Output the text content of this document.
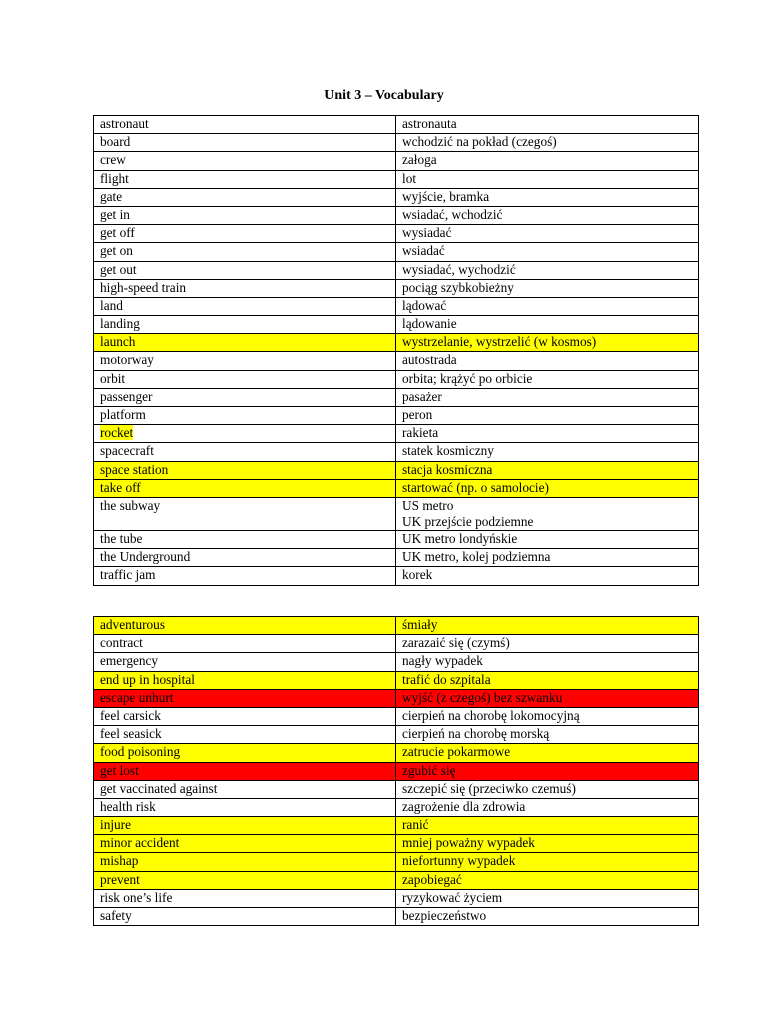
Unit 3 – Vocabulary
astronaut	astronauta

board	wchodzić na pokład (czegoś)

crew	załoga

flight	lot

gate	wyjście, bramka

get in	wsiadać, wchodzić

get off	wysiadać

get on	wsiadać

get out	wysiadać, wychodzić

high-speed train	pociąg szybkobieżny

land	lądować

landing	lądowanie

launch	wystrzelanie, wystrzelić (w kosmos)

motorway	autostrada

orbit	orbita; krążyć po orbicie

passenger	pasażer

platform	peron

rocket	rakieta

spacecraft	statek kosmiczny

space station	stacja kosmiczna

take off	startować (np. o samolocie)

the subway	US metro
UK przejście podziemne

the tube	UK metro londyńskie

the Underground	UK metro, kolej podziemna

traffic jam	korek
adventurous	śmiały

contract	zarazaić się (czymś)

emergency	nagły wypadek

end up in hospital	trafić do szpitala

escape unhurt	wyjść (z czegoś) bez szwanku

feel carsick	cierpień na chorobę lokomocyjną

feel seasick	cierpień na chorobę morską

food poisoning	zatrucie pokarmowe

get lost	zgubić się

get vaccinated against	szczepić się (przeciwko czemuś)

health risk	zagrożenie dla zdrowia

injure	ranić

minor accident	mniej poważny wypadek

mishap	niefortunny wypadek

prevent	zapobiegać

risk one’s life	ryzykować życiem

safety	bezpieczeństwo
